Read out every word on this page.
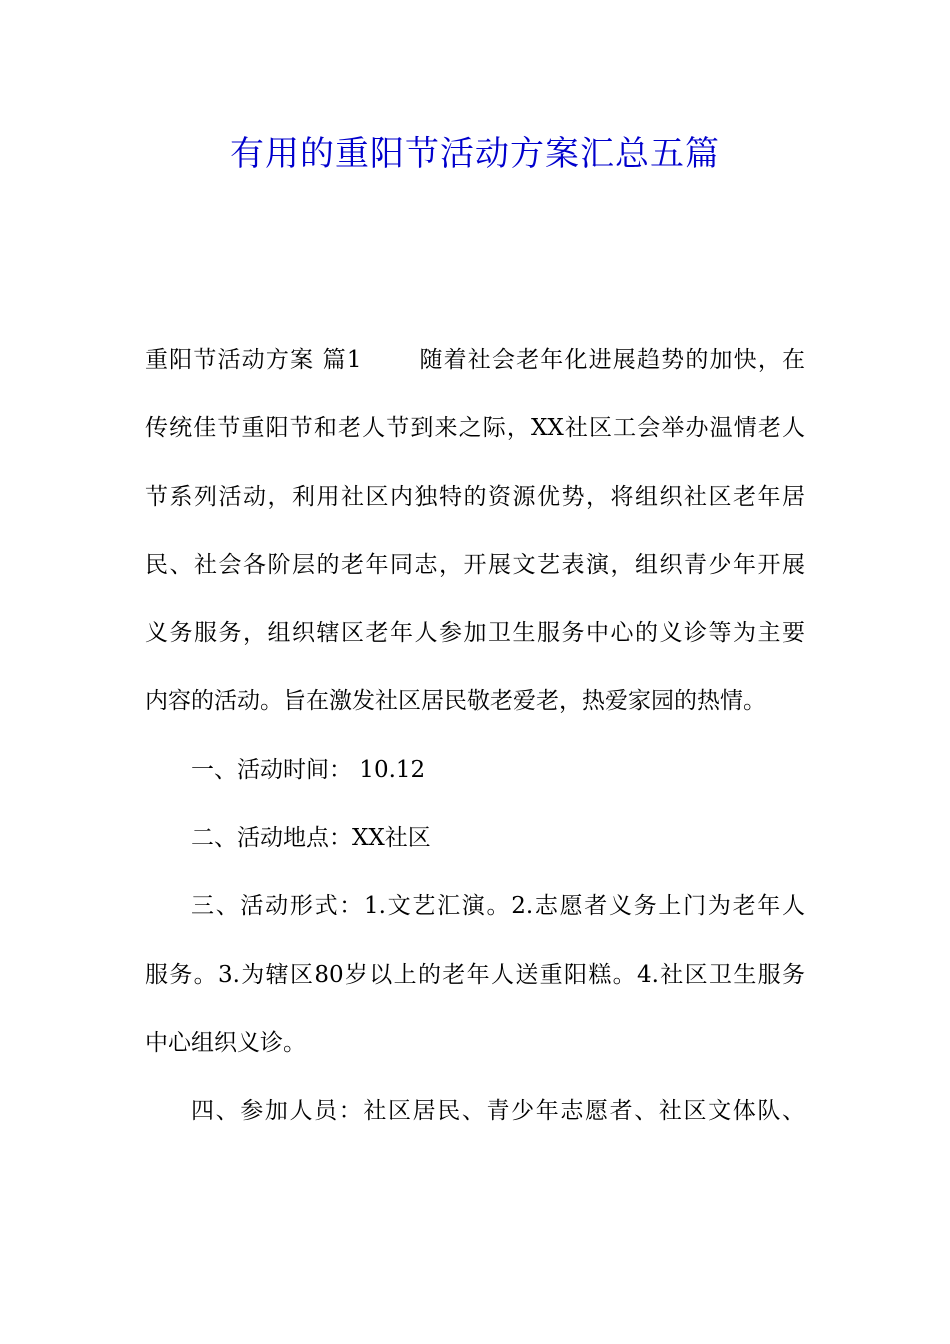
有用的重阳节活动方案汇总五篇
重阳节活动方案 篇1　　 随着社会老年化进展趋势的加快，在
传统佳节重阳节和老人节到来之际，XX社区工会举办温情老人
节系列活动，利用社区内独特的资源优势，将组织社区老年居
民、社会各阶层的老年同志，开展文艺表演，组织青少年开展
义务服务，组织辖区老年人参加卫生服务中心的义诊等为主要
内容的活动。旨在激发社区居民敬老爱老，热爱家园的热情。
一、活动时间： 10.12
二、活动地点：XX社区
三、活动形式：1.文艺汇演。2.志愿者义务上门为老年人
服务。3.为辖区80岁以上的老年人送重阳糕。4.社区卫生服务
中心组织义诊。
四、参加人员：社区居民、青少年志愿者、社区文体队、
